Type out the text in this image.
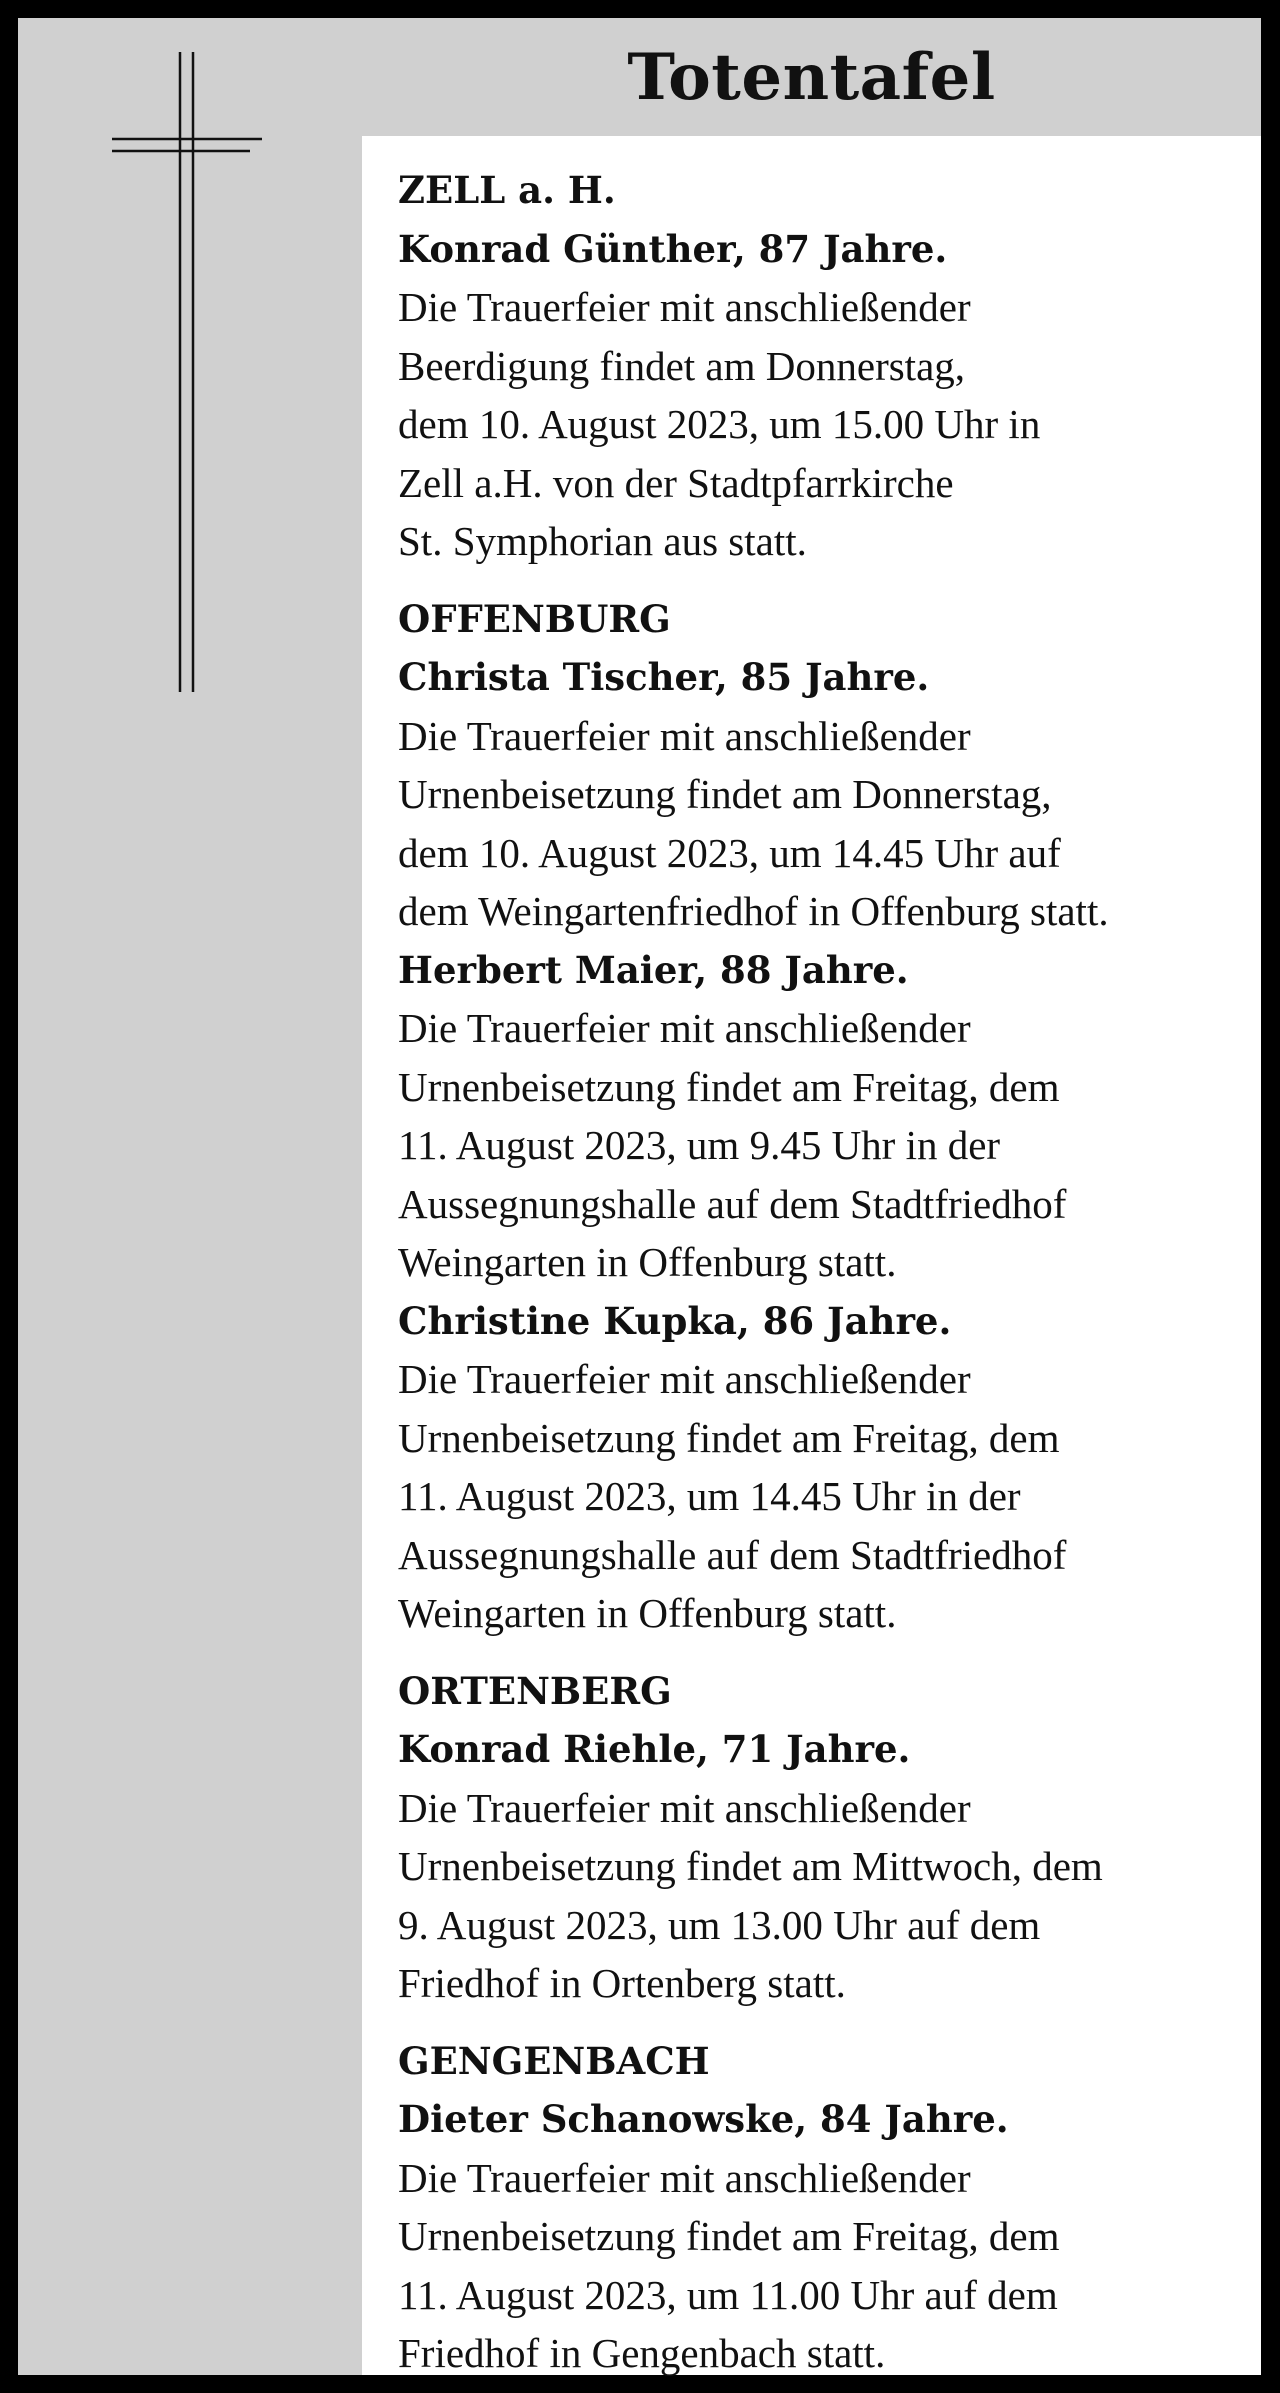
Totentafel

ZELL a. H.

Konrad Günther, 87 Jahre.

Die Trauerfeier mit anschließender

Beerdigung findet am Donnerstag,

dem 10. August 2023, um 15.00 Uhr in

Zell a.H. von der Stadtpfarrkirche

St. Symphorian aus statt.

OFFENBURG

Christa Tischer, 85 Jahre.

Die Trauerfeier mit anschließender

Urnenbeisetzung findet am Donnerstag,

dem 10. August 2023, um 14.45 Uhr auf

dem Weingartenfriedhof in Offenburg statt.

Herbert Maier, 88 Jahre.

Die Trauerfeier mit anschließender

Urnenbeisetzung findet am Freitag, dem

11. August 2023, um 9.45 Uhr in der

Aussegnungshalle auf dem Stadtfriedhof

Weingarten in Offenburg statt.

Christine Kupka, 86 Jahre.

Die Trauerfeier mit anschließender

Urnenbeisetzung findet am Freitag, dem

11. August 2023, um 14.45 Uhr in der

Aussegnungshalle auf dem Stadtfriedhof

Weingarten in Offenburg statt.

ORTENBERG

Konrad Riehle, 71 Jahre.

Die Trauerfeier mit anschließender

Urnenbeisetzung findet am Mittwoch, dem

9. August 2023, um 13.00 Uhr auf dem

Friedhof in Ortenberg statt.

GENGENBACH

Dieter Schanowske, 84 Jahre.

Die Trauerfeier mit anschließender

Urnenbeisetzung findet am Freitag, dem

11. August 2023, um 11.00 Uhr auf dem

Friedhof in Gengenbach statt.
